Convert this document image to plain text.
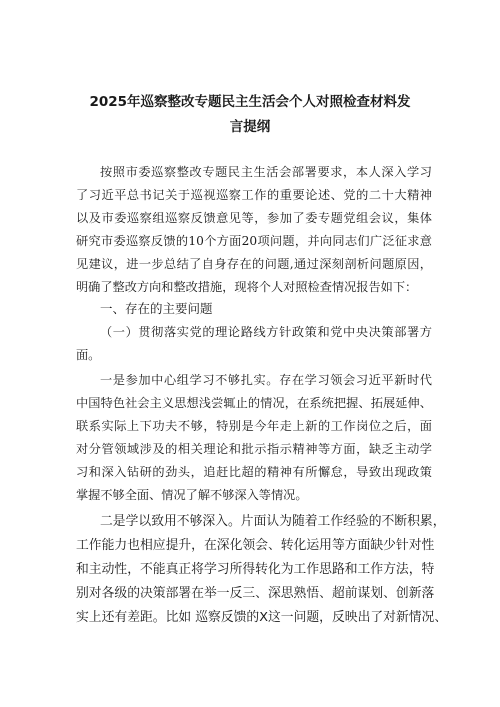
2025年巡察整改专题民主生活会个人对照检查材料发
言提纲
按照市委巡察整改专题民主生活会部署要求，本人深入学习
了习近平总书记关于巡视巡察工作的重要论述、党的二十大精神
以及市委巡察组巡察反馈意见等，参加了委专题党组会议，集体
研究市委巡察反馈的10个方面20项问题，并向同志们广泛征求意
见建议，进一步总结了自身存在的问题,通过深刻剖析问题原因，
明确了整改方向和整改措施，现将个人对照检查情况报告如下：
一、存在的主要问题
（一）贯彻落实党的理论路线方针政策和党中央决策部署方
面。
一是参加中心组学习不够扎实。存在学习领会习近平新时代
中国特色社会主义思想浅尝辄止的情况，在系统把握、拓展延伸、
联系实际上下功夫不够，特别是今年走上新的工作岗位之后，面
对分管领域涉及的相关理论和批示指示精神等方面，缺乏主动学
习和深入钻研的劲头，追赶比超的精神有所懈怠，导致出现政策
掌握不够全面、情况了解不够深入等情况。
二是学以致用不够深入。片面认为随着工作经验的不断积累，
工作能力也相应提升，在深化领会、转化运用等方面缺少针对性
和主动性，不能真正将学习所得转化为工作思路和工作方法，特
别对各级的决策部署在举一反三、深思熟悟、超前谋划、创新落
实上还有差距。比如 巡察反馈的X这一问题，反映出了对新情况、
